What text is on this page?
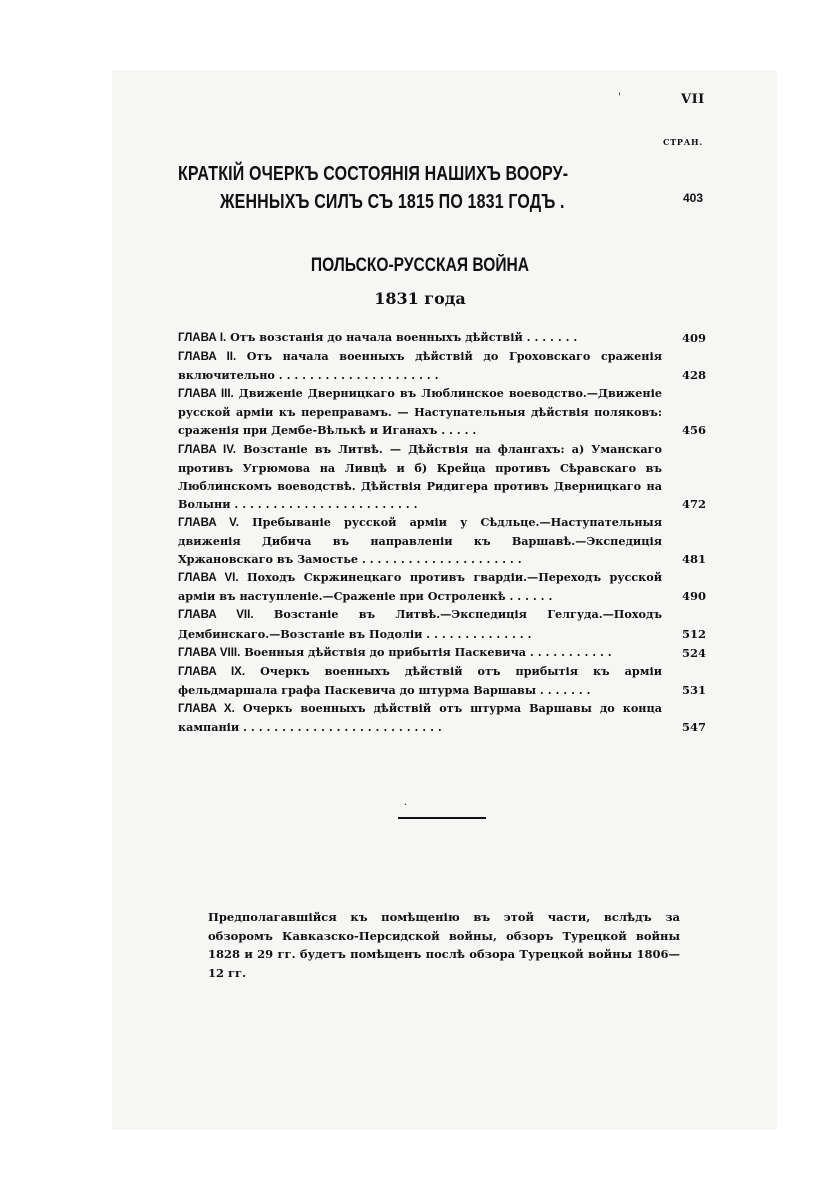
'	VII
СТРАН.
КРАТКІЙ ОЧЕРКЪ СОСТОЯНІЯ НАШИХЪ ВООРУ-
ЖЕННЫХЪ СИЛЪ СЪ 1815 ПО 1831 ГОДЪ .	403
ПОЛЬСКО-РУССКАЯ ВОЙНА
1831 года
ГЛАВА I. Отъ возстанія до начала военныхъ дѣйствій . . . . . . .	409
ГЛАВА II. Отъ начала военныхъ дѣйствій до Гроховскаго сраженія включительно . . . . . . . . . . . . . . . . . . . . .	428
ГЛАВА III. Движеніе Дверницкаго въ Люблинское воеводство.—Движеніе русской арміи къ переправамъ. — Наступательныя дѣйствія поляковъ: сраженія при Дембе-Вѣлькѣ и Иганахъ . . . . .	456
ГЛАВА IV. Возстаніе въ Литвѣ. — Дѣйствія на флангахъ: а) Уманскаго противъ Угрюмова на Ливцѣ и б) Крейца противъ Сѣравскаго въ Люблинскомъ воеводствѣ. Дѣйствія Ридигера противъ Дверницкаго на Волыни . . . . . . . . . . . . . . . . . . . . . . . .	472
ГЛАВА V. Пребываніе русской арміи у Сѣдльце.—Наступательныя движенія Дибича въ направленіи къ Варшавѣ.—Экспедиція Хржановскаго въ Замостье . . . . . . . . . . . . . . . . . . . . .	481
ГЛАВА VI. Походъ Скржинецкаго противъ гвардіи.—Переходъ русской арміи въ наступленіе.—Сраженіе при Остроленкѣ . . . . . .	490
ГЛАВА VII. Возстаніе въ Литвѣ.—Экспедиція Гелгуда.—Походъ Дембинскаго.—Возстаніе въ Подоліи . . . . . . . . . . . . . .	512
ГЛАВА VIII. Военныя дѣйствія до прибытія Паскевича . . . . . . . . . . .	524
ГЛАВА IX. Очеркъ военныхъ дѣйствій отъ прибытія къ арміи фельдмаршала графа Паскевича до штурма Варшавы . . . . . . .	531
ГЛАВА X. Очеркъ военныхъ дѣйствій отъ штурма Варшавы до конца кампаніи . . . . . . . . . . . . . . . . . . . . . . . . . .	547
·
Предполагавшійся къ помѣщенію въ этой части, вслѣдъ за обзоромъ Кавказско-Персидской войны, обзоръ Турецкой войны 1828 и 29 гг. будетъ помѣщенъ послѣ обзора Турецкой войны 1806—12 гг.
